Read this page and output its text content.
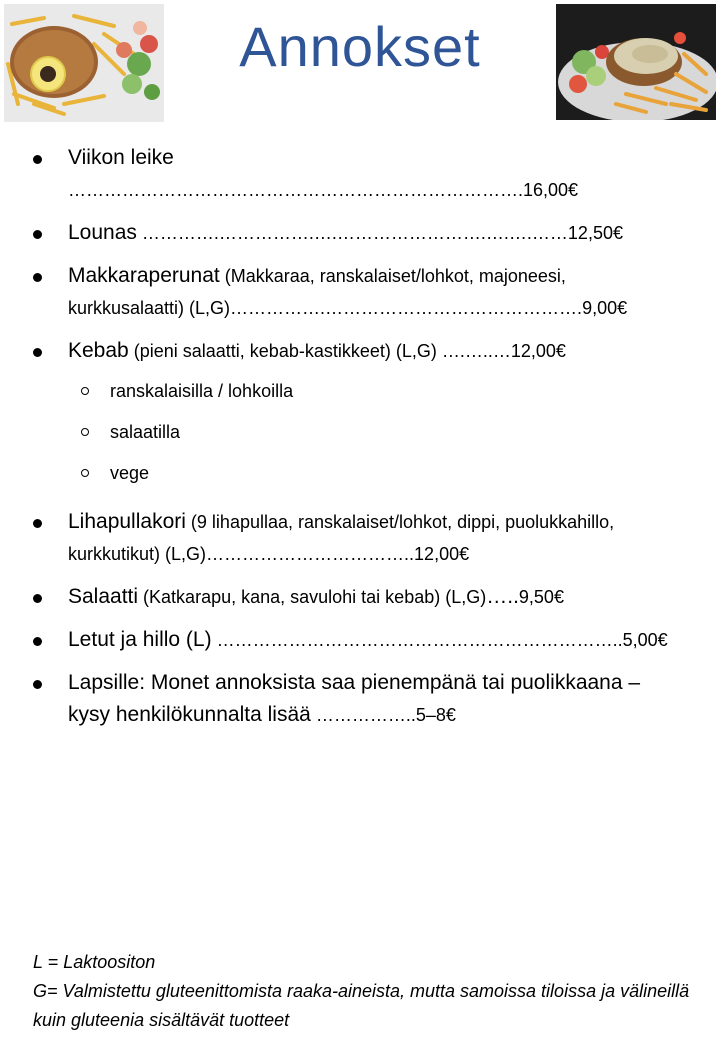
Annokset
Viikon leike ………………………………………………………………….16,00€
Lounas ………….…………….….…………………….….….……12,50€
Makkaraperunat (Makkaraa, ranskalaiset/lohkot, majoneesi, kurkkusalaatti) (L,G)…………….…………………………………….9,00€
Kebab (pieni salaatti, kebab-kastikkeet) (L,G) ….…..…12,00€
ranskalaisilla / lohkoilla
salaatilla
vege
Lihapullakori (9 lihapullaa, ranskalaiset/lohkot, dippi, puolukkahillo, kurkkutikut) (L,G)……………………………..12,00€
Salaatti (Katkarapu, kana, savulohi tai kebab) (L,G)…..9,50€
Letut ja hillo (L) …………………………………………………………..5,00€
Lapsille: Monet annoksista saa pienempänä tai puolikkaana – kysy henkilökunnalta lisää ……………..5–8€
L = Laktoositon
G= Valmistettu gluteenittomista raaka-aineista, mutta samoissa tiloissa ja välineillä kuin gluteenia sisältävät tuotteet
